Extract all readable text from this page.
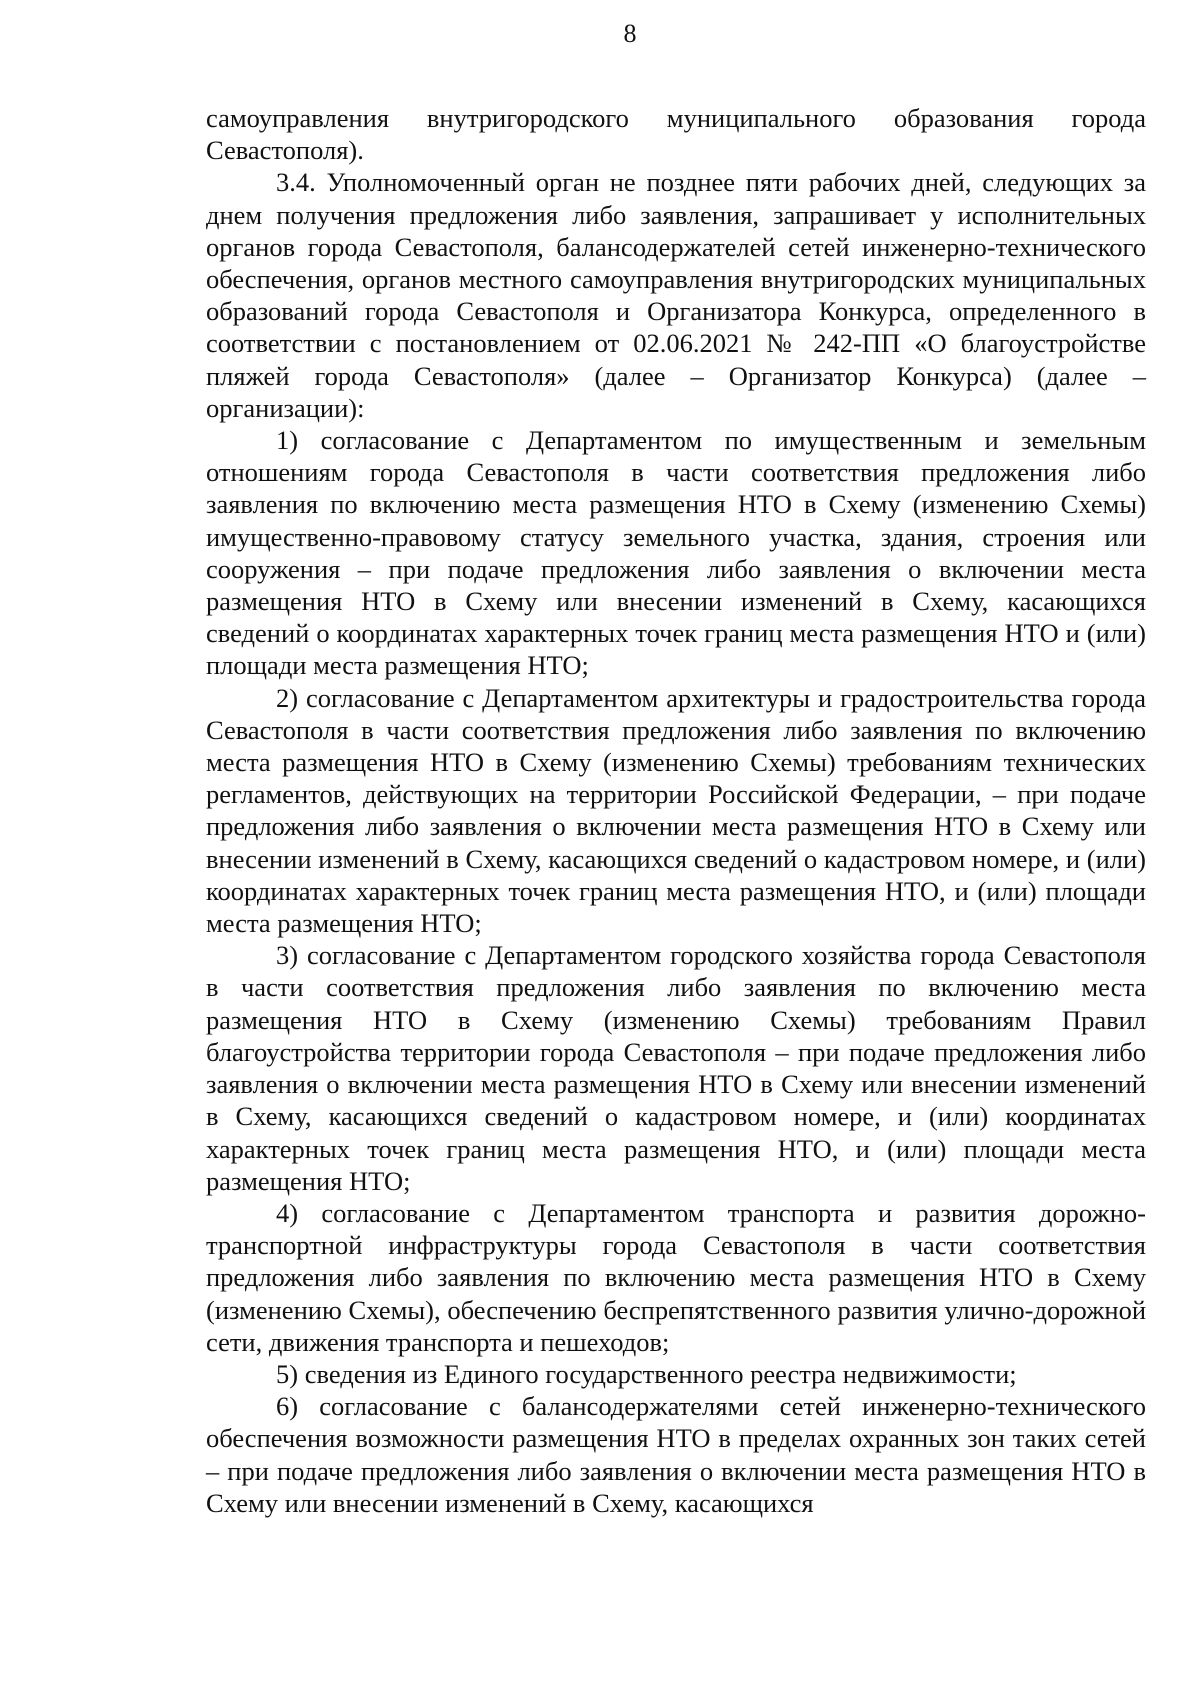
8

самоуправления внутригородского муниципального образования города Севастополя).

3.4. Уполномоченный орган не позднее пяти рабочих дней, следующих за днем получения предложения либо заявления, запрашивает у исполнительных органов города Севастополя, балансодержателей сетей инженерно-технического обеспечения, органов местного самоуправления внутригородских муниципальных образований города Севастополя и Организатора Конкурса, определенного в соответствии с постановлением от 02.06.2021 № 242-ПП «О благоустройстве пляжей города Севастополя» (далее – Организатор Конкурса) (далее – организации):

1) согласование с Департаментом по имущественным и земельным отношениям города Севастополя в части соответствия предложения либо заявления по включению места размещения НТО в Схему (изменению Схемы) имущественно-правовому статусу земельного участка, здания, строения или сооружения – при подаче предложения либо заявления о включении места размещения НТО в Схему или внесении изменений в Схему, касающихся сведений о координатах характерных точек границ места размещения НТО и (или) площади места размещения НТО;

2) согласование с Департаментом архитектуры и градостроительства города Севастополя в части соответствия предложения либо заявления по включению места размещения НТО в Схему (изменению Схемы) требованиям технических регламентов, действующих на территории Российской Федерации, – при подаче предложения либо заявления о включении места размещения НТО в Схему или внесении изменений в Схему, касающихся сведений о кадастровом номере, и (или) координатах характерных точек границ места размещения НТО, и (или) площади места размещения НТО;

3) согласование с Департаментом городского хозяйства города Севастополя в части соответствия предложения либо заявления по включению места размещения НТО в Схему (изменению Схемы) требованиям Правил благоустройства территории города Севастополя – при подаче предложения либо заявления о включении места размещения НТО в Схему или внесении изменений в Схему, касающихся сведений о кадастровом номере, и (или) координатах характерных точек границ места размещения НТО, и (или) площади места размещения НТО;

4) согласование с Департаментом транспорта и развития дорожно-транспортной инфраструктуры города Севастополя в части соответствия предложения либо заявления по включению места размещения НТО в Схему (изменению Схемы), обеспечению беспрепятственного развития улично-дорожной сети, движения транспорта и пешеходов;

5) сведения из Единого государственного реестра недвижимости;

6) согласование с балансодержателями сетей инженерно-технического обеспечения возможности размещения НТО в пределах охранных зон таких сетей – при подаче предложения либо заявления о включении места размещения НТО в Схему или внесении изменений в Схему, касающихся
